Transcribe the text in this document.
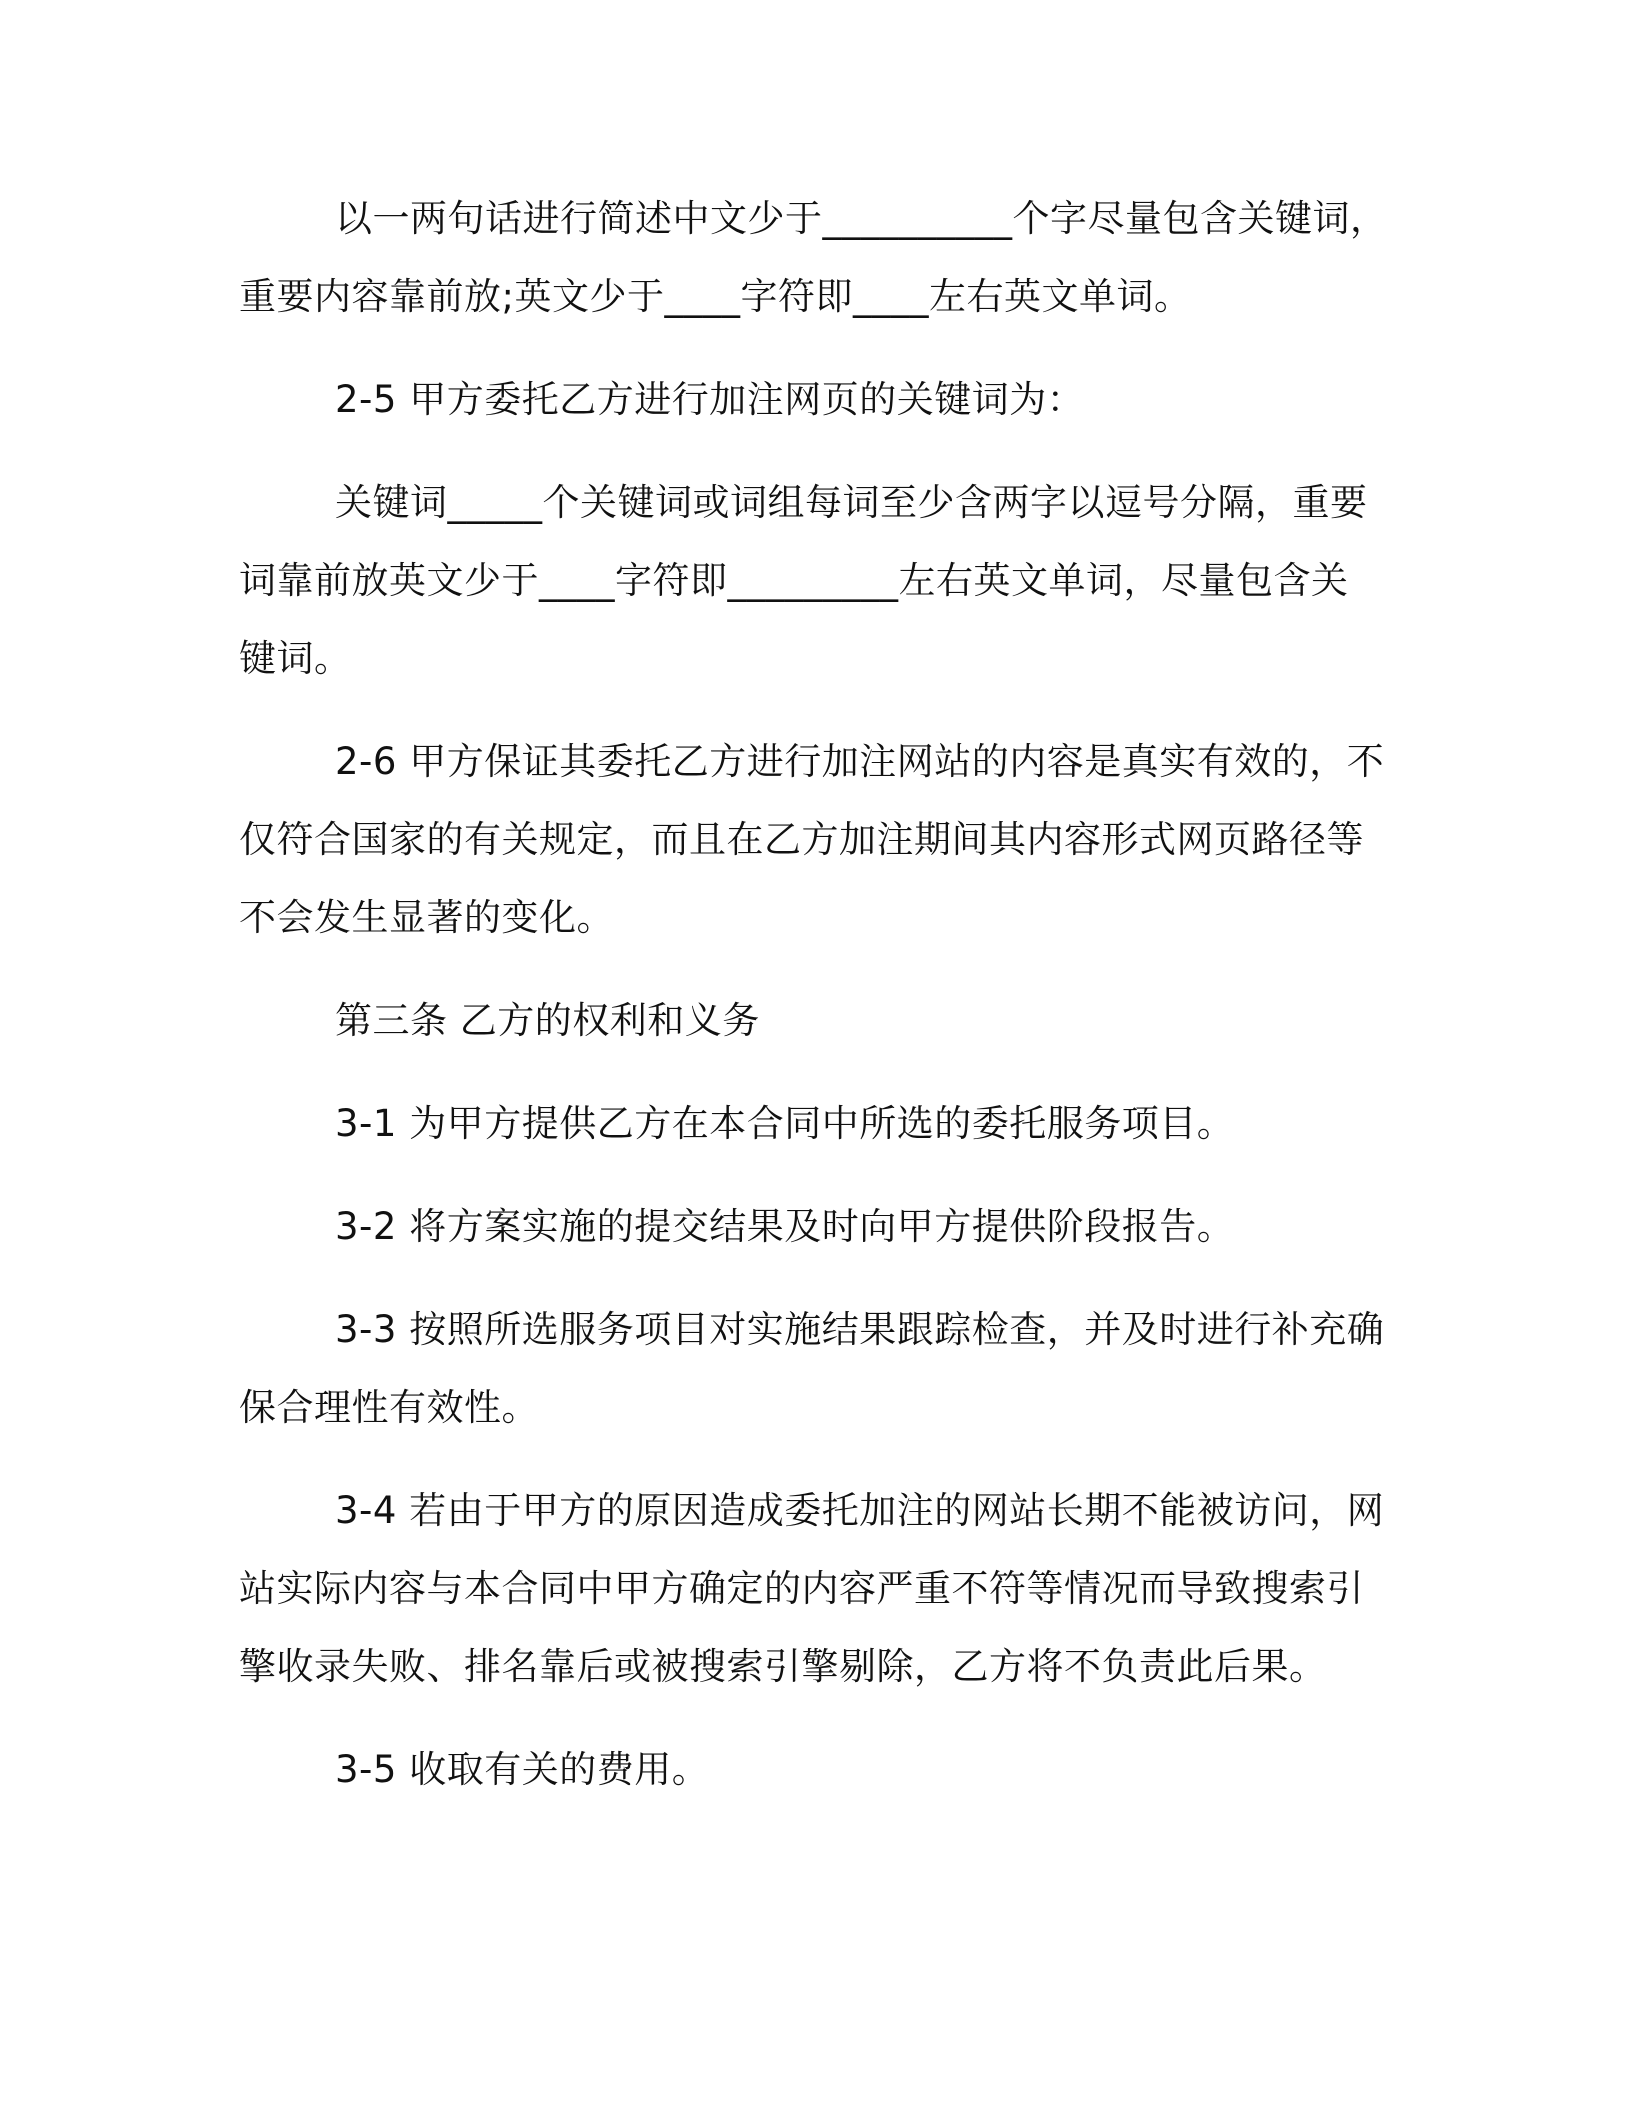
以一两句话进行简述中文少于__________个字尽量包含关键词，
重要内容靠前放;英文少于____字符即____左右英文单词。

2-5 甲方委托乙方进行加注网页的关键词为：

关键词_____个关键词或词组每词至少含两字以逗号分隔，重要
词靠前放英文少于____字符即_________左右英文单词，尽量包含关
键词。

2-6 甲方保证其委托乙方进行加注网站的内容是真实有效的，不
仅符合国家的有关规定，而且在乙方加注期间其内容形式网页路径等
不会发生显著的变化。

第三条 乙方的权利和义务

3-1 为甲方提供乙方在本合同中所选的委托服务项目。

3-2 将方案实施的提交结果及时向甲方提供阶段报告。

3-3 按照所选服务项目对实施结果跟踪检查，并及时进行补充确
保合理性有效性。

3-4 若由于甲方的原因造成委托加注的网站长期不能被访问，网
站实际内容与本合同中甲方确定的内容严重不符等情况而导致搜索引
擎收录失败、排名靠后或被搜索引擎剔除，乙方将不负责此后果。

3-5 收取有关的费用。
